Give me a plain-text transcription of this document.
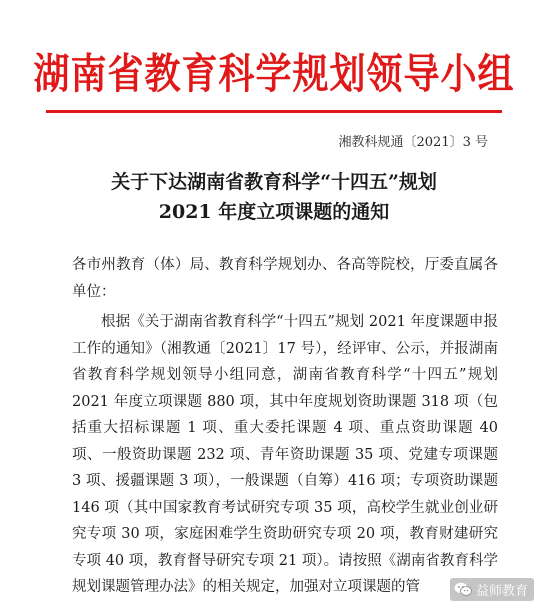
湖南省教育科学规划领导小组
湘教科规通〔2021〕3 号
关于下达湖南省教育科学“十四五”规划
2021 年度立项课题的通知

各市州教育（体）局、教育科学规划办、各高等院校，厅委直属各单位：

根据《关于湖南省教育科学“十四五”规划 2021 年度课题申报工作的通知》（湘教通〔2021〕17 号），经评审、公示，并报湖南省教育科学规划领导小组同意，湖南省教育科学“十四五”规划 2021 年度立项课题 880 项，其中年度规划资助课题 318 项（包括重大招标课题 1 项、重大委托课题 4 项、重点资助课题 40 项、一般资助课题 232 项、青年资助课题 35 项、党建专项课题 3 项、援疆课题 3 项），一般课题（自筹）416 项；专项资助课题 146 项（其中国家教育考试研究专项 35 项，高校学生就业创业研究专项 30 项，家庭困难学生资助研究专项 20 项，教育财建研究专项 40 项，教育督导研究专项 21 项）。请按照《湖南省教育科学规划课题管理办法》的相关规定，加强对立项课题的管	益师教育
